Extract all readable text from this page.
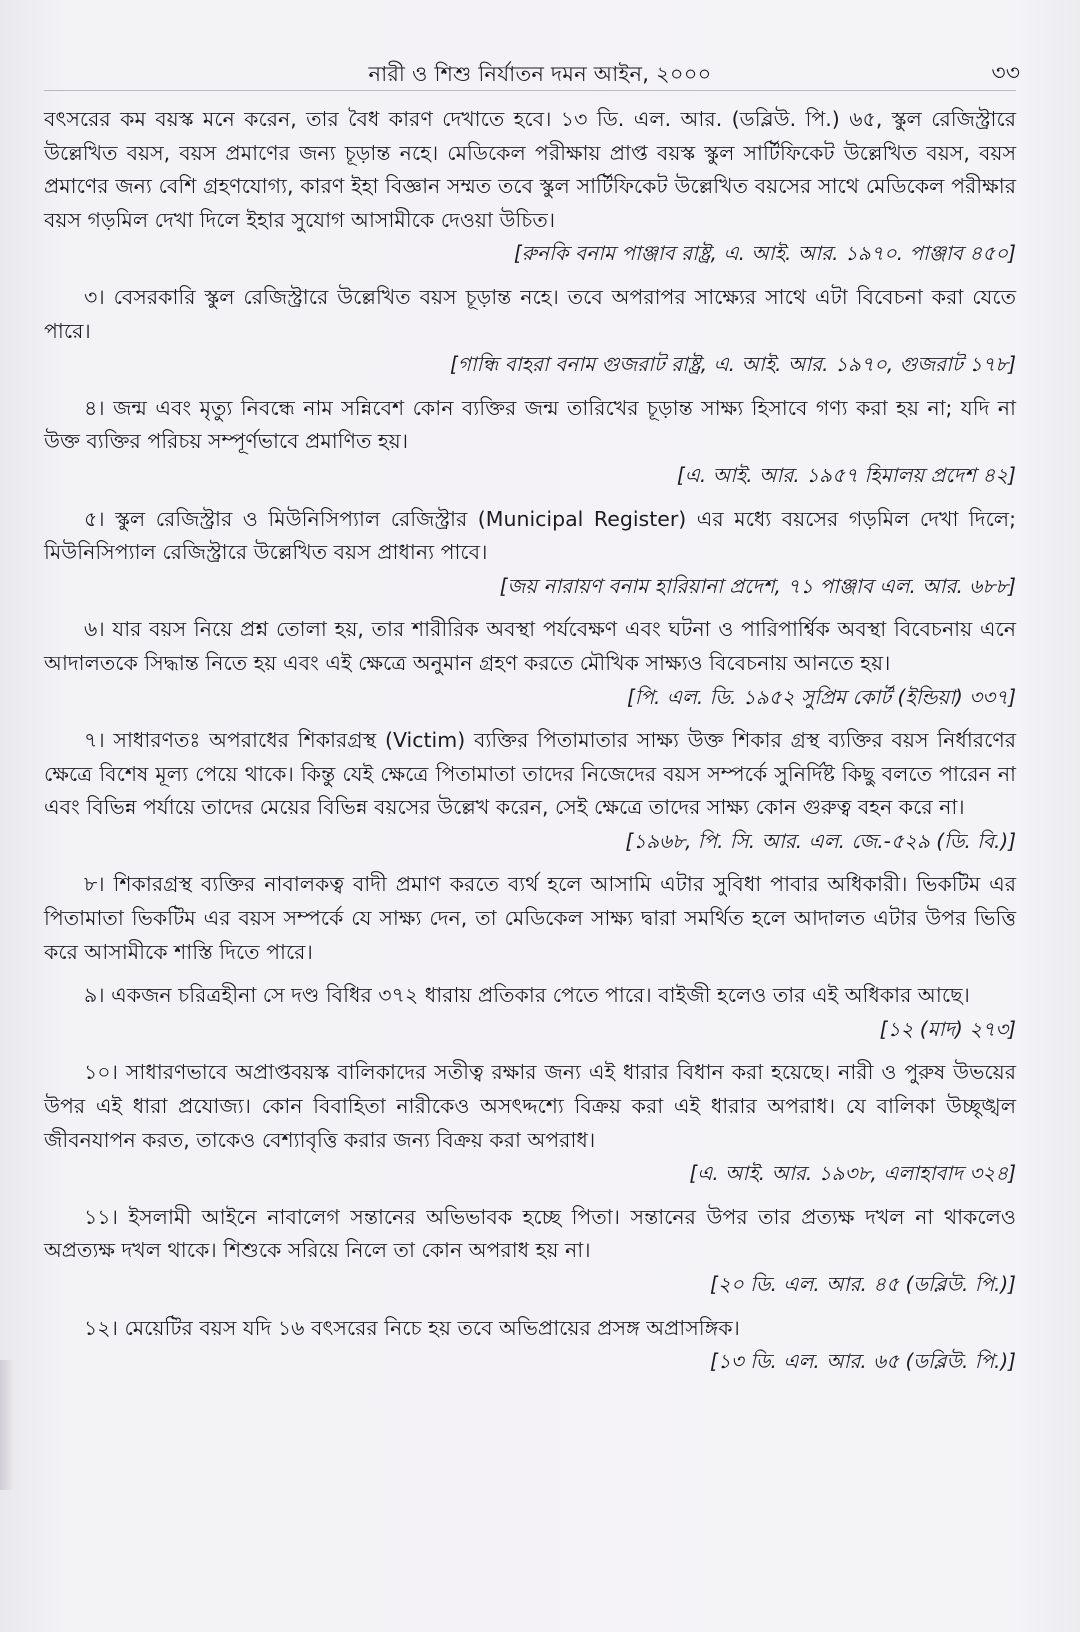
নারী ও শিশু নির্যাতন দমন আইন, ২০০০	৩৩

বৎসরের কম বয়স্ক মনে করেন, তার বৈধ কারণ দেখাতে হবে। ১৩ ডি. এল. আর. (ডব্লিউ. পি.) ৬৫, স্কুল রেজিস্ট্রারে উল্লেখিত বয়স, বয়স প্রমাণের জন্য চূড়ান্ত নহে। মেডিকেল পরীক্ষায় প্রাপ্ত বয়স্ক স্কুল সার্টিফিকেট উল্লেখিত বয়স, বয়স প্রমাণের জন্য বেশি গ্রহণযোগ্য, কারণ ইহা বিজ্ঞান সম্মত তবে স্কুল সার্টিফিকেট উল্লেখিত বয়সের সাথে মেডিকেল পরীক্ষার বয়স গড়মিল দেখা দিলে ইহার সুযোগ আসামীকে দেওয়া উচিত।

[রুনকি বনাম পাঞ্জাব রাষ্ট্র, এ. আই. আর. ১৯৭০. পাঞ্জাব ৪৫০]

৩। বেসরকারি স্কুল রেজিস্ট্রারে উল্লেখিত বয়স চূড়ান্ত নহে। তবে অপরাপর সাক্ষ্যের সাথে এটা বিবেচনা করা যেতে পারে।

[গান্ধি বাহরা বনাম গুজরাট রাষ্ট্র, এ. আই. আর. ১৯৭০, গুজরাট ১৭৮]

৪। জন্ম এবং মৃত্যু নিবন্ধে নাম সন্নিবেশ কোন ব্যক্তির জন্ম তারিখের চূড়ান্ত সাক্ষ্য হিসাবে গণ্য করা হয় না; যদি না উক্ত ব্যক্তির পরিচয় সম্পূর্ণভাবে প্রমাণিত হয়।

[এ. আই. আর. ১৯৫৭ হিমালয় প্রদেশ ৪২]

৫। স্কুল রেজিস্ট্রার ও মিউনিসিপ্যাল রেজিস্ট্রার (Municipal Register) এর মধ্যে বয়সের গড়মিল দেখা দিলে; মিউনিসিপ্যাল রেজিস্ট্রারে উল্লেখিত বয়স প্রাধান্য পাবে।

[জয় নারায়ণ বনাম হারিয়ানা প্রদেশ, ৭১ পাঞ্জাব এল. আর. ৬৮৮]

৬। যার বয়স নিয়ে প্রশ্ন তোলা হয়, তার শারীরিক অবস্থা পর্যবেক্ষণ এবং ঘটনা ও পারিপার্শ্বিক অবস্থা বিবেচনায় এনে আদালতকে সিদ্ধান্ত নিতে হয় এবং এই ক্ষেত্রে অনুমান গ্রহণ করতে মৌখিক সাক্ষ্যও বিবেচনায় আনতে হয়।

[পি. এল. ডি. ১৯৫২ সুপ্রিম কোর্ট (ইন্ডিয়া) ৩৩৭]

৭। সাধারণতঃ অপরাধের শিকারগ্রস্থ (Victim) ব্যক্তির পিতামাতার সাক্ষ্য উক্ত শিকার গ্রস্থ ব্যক্তির বয়স নির্ধারণের ক্ষেত্রে বিশেষ মূল্য পেয়ে থাকে। কিন্তু যেই ক্ষেত্রে পিতামাতা তাদের নিজেদের বয়স সম্পর্কে সুনির্দিষ্ট কিছু বলতে পারেন না এবং বিভিন্ন পর্যায়ে তাদের মেয়ের বিভিন্ন বয়সের উল্লেখ করেন, সেই ক্ষেত্রে তাদের সাক্ষ্য কোন গুরুত্ব বহন করে না।

[১৯৬৮, পি. সি. আর. এল. জে.-৫২৯ (ডি. বি.)]

৮। শিকারগ্রস্থ ব্যক্তির নাবালকত্ব বাদী প্রমাণ করতে ব্যর্থ হলে আসামি এটার সুবিধা পাবার অধিকারী। ভিকটিম এর পিতামাতা ভিকটিম এর বয়স সম্পর্কে যে সাক্ষ্য দেন, তা মেডিকেল সাক্ষ্য দ্বারা সমর্থিত হলে আদালত এটার উপর ভিত্তি করে আসামীকে শাস্তি দিতে পারে।

৯। একজন চরিত্রহীনা সে দণ্ড বিধির ৩৭২ ধারায় প্রতিকার পেতে পারে। বাইজী হলেও তার এই অধিকার আছে।

[১২ (মাদ) ২৭৩]

১০। সাধারণভাবে অপ্রাপ্তবয়স্ক বালিকাদের সতীত্ব রক্ষার জন্য এই ধারার বিধান করা হয়েছে। নারী ও পুরুষ উভয়ের উপর এই ধারা প্রযোজ্য। কোন বিবাহিতা নারীকেও অসৎদ্দশ্যে বিক্রয় করা এই ধারার অপরাধ। যে বালিকা উচ্ছৃঙ্খল জীবনযাপন করত, তাকেও বেশ্যাবৃত্তি করার জন্য বিক্রয় করা অপরাধ।

[এ. আই. আর. ১৯৩৮, এলাহাবাদ ৩২৪]

১১। ইসলামী আইনে নাবালেগ সন্তানের অভিভাবক হচ্ছে পিতা। সন্তানের উপর তার প্রত্যক্ষ দখল না থাকলেও অপ্রত্যক্ষ দখল থাকে। শিশুকে সরিয়ে নিলে তা কোন অপরাধ হয় না।

[২০ ডি. এল. আর. ৪৫ (ডব্লিউ. পি.)]

১২। মেয়েটির বয়স যদি ১৬ বৎসরের নিচে হয় তবে অভিপ্রায়ের প্রসঙ্গ অপ্রাসঙ্গিক।

[১৩ ডি. এল. আর. ৬৫ (ডব্লিউ. পি.)]
